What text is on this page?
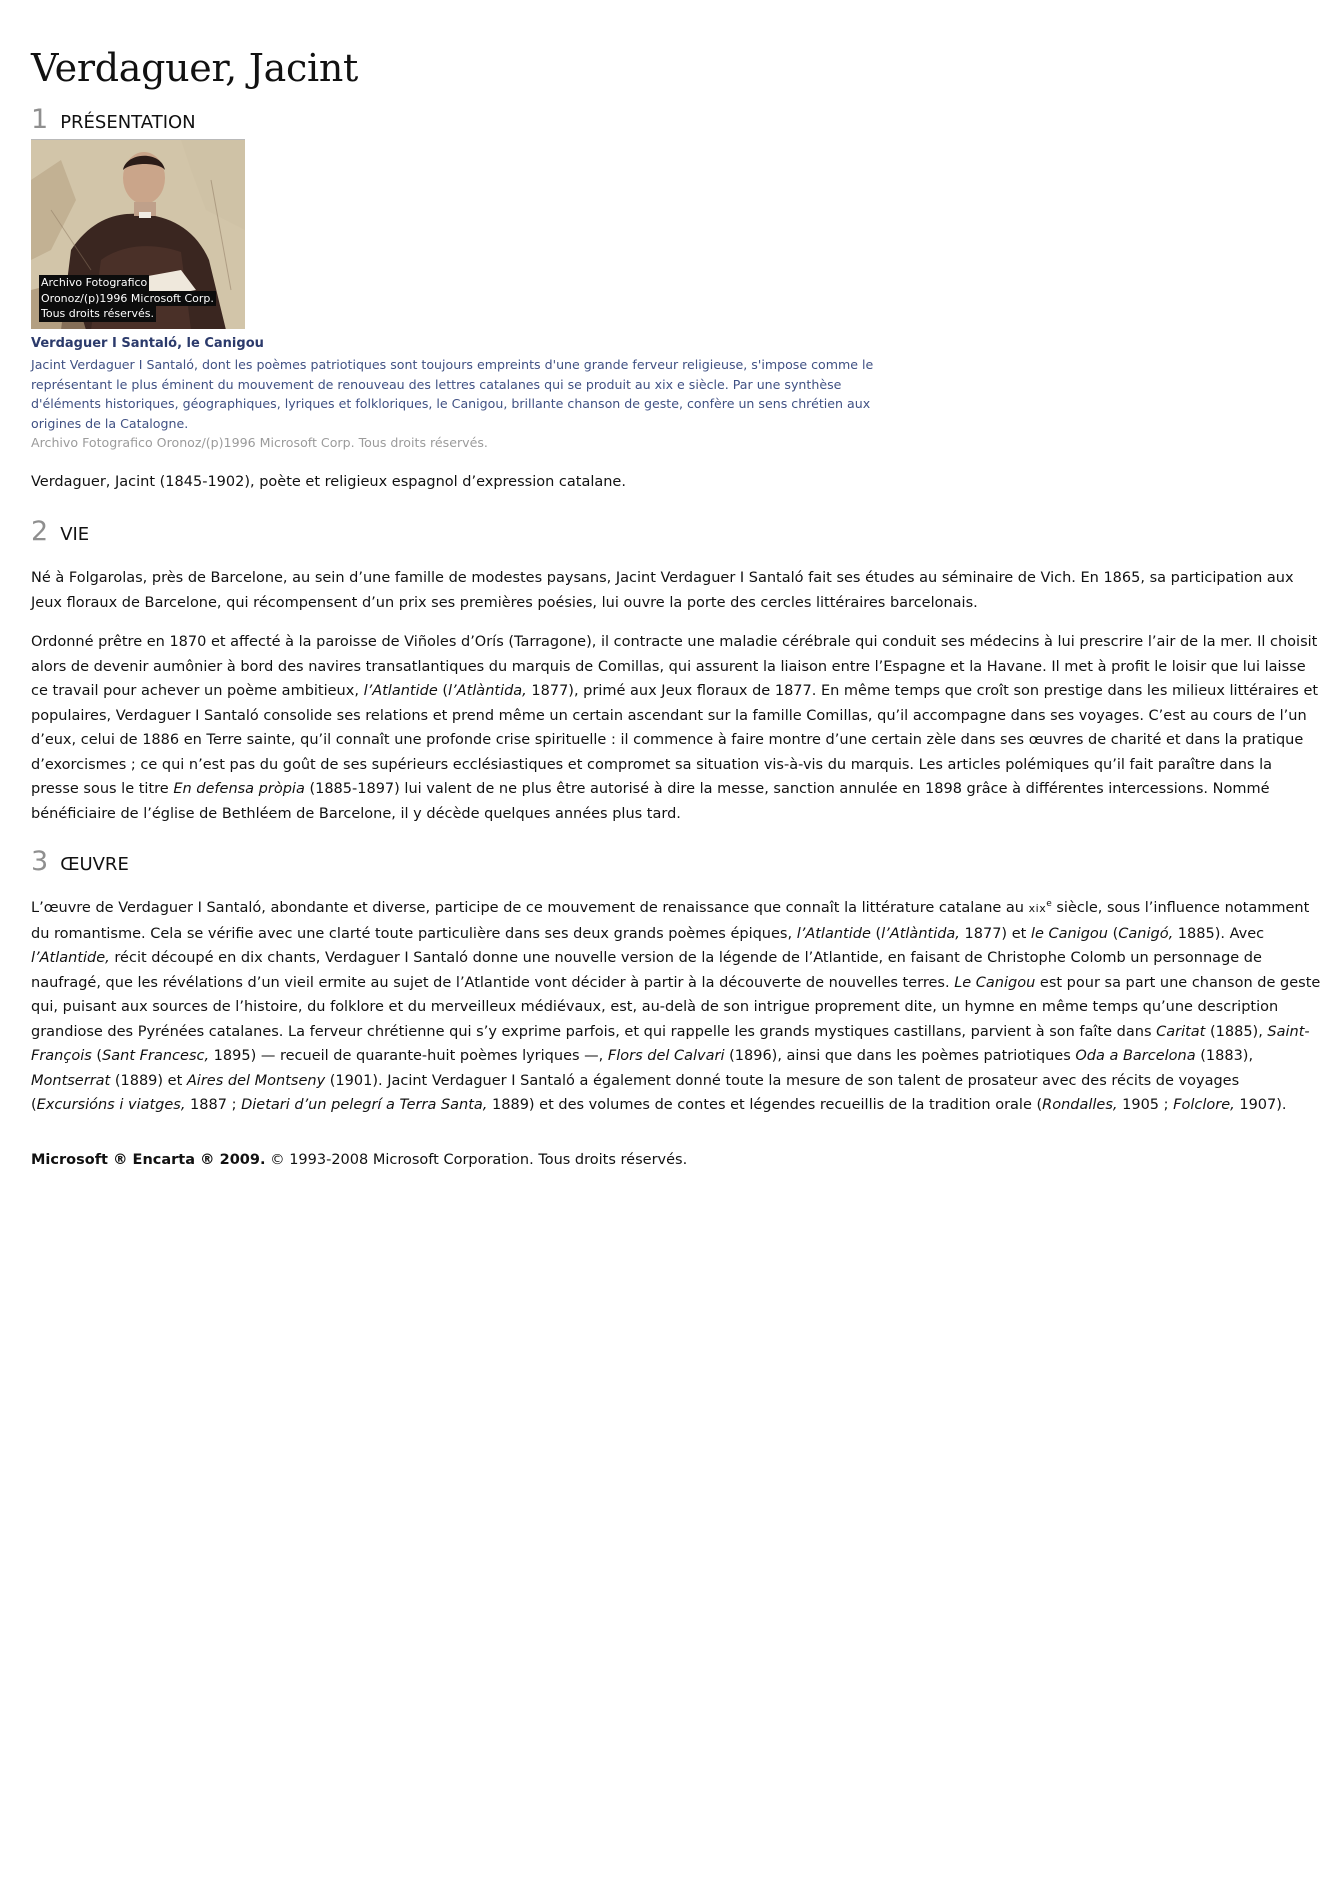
Verdaguer, Jacint
1 PRÉSENTATION
Archivo Fotografico
Oronoz/(p)1996 Microsoft Corp.
Tous droits réservés.

Verdaguer I Santaló, le Canigou

Jacint Verdaguer I Santaló, dont les poèmes patriotiques sont toujours empreints d'une grande ferveur religieuse, s'impose comme le représentant le plus éminent du mouvement de renouveau des lettres catalanes qui se produit au xix e siècle. Par une synthèse d'éléments historiques, géographiques, lyriques et folkloriques, le Canigou, brillante chanson de geste, confère un sens chrétien aux origines de la Catalogne.

Archivo Fotografico Oronoz/(p)1996 Microsoft Corp. Tous droits réservés.

Verdaguer, Jacint (1845-1902), poète et religieux espagnol d’expression catalane.

2 VIE

Né à Folgarolas, près de Barcelone, au sein d’une famille de modestes paysans, Jacint Verdaguer I Santaló fait ses études au séminaire de Vich. En 1865, sa participation aux Jeux floraux de Barcelone, qui récompensent d’un prix ses premières poésies, lui ouvre la porte des cercles littéraires barcelonais.

Ordonné prêtre en 1870 et affecté à la paroisse de Viñoles d’Orís (Tarragone), il contracte une maladie cérébrale qui conduit ses médecins à lui prescrire l’air de la mer. Il choisit alors de devenir aumônier à bord des navires transatlantiques du marquis de Comillas, qui assurent la liaison entre l’Espagne et la Havane. Il met à profit le loisir que lui laisse ce travail pour achever un poème ambitieux, l’Atlantide (l’Atlàntida, 1877), primé aux Jeux floraux de 1877. En même temps que croît son prestige dans les milieux littéraires et populaires, Verdaguer I Santaló consolide ses relations et prend même un certain ascendant sur la famille Comillas, qu’il accompagne dans ses voyages. C’est au cours de l’un d’eux, celui de 1886 en Terre sainte, qu’il connaît une profonde crise spirituelle : il commence à faire montre d’une certain zèle dans ses œuvres de charité et dans la pratique d’exorcismes ; ce qui n’est pas du goût de ses supérieurs ecclésiastiques et compromet sa situation vis-à-vis du marquis. Les articles polémiques qu’il fait paraître dans la presse sous le titre En defensa pròpia (1885-1897) lui valent de ne plus être autorisé à dire la messe, sanction annulée en 1898 grâce à différentes intercessions. Nommé bénéficiaire de l’église de Bethléem de Barcelone, il y décède quelques années plus tard.

3 ŒUVRE

L’œuvre de Verdaguer I Santaló, abondante et diverse, participe de ce mouvement de renaissance que connaît la littérature catalane au xix$^e$ siècle, sous l’influence notamment du romantisme. Cela se vérifie avec une clarté toute particulière dans ses deux grands poèmes épiques, l’Atlantide (l’Atlàntida, 1877) et le Canigou (Canigó, 1885). Avec l’Atlantide, récit découpé en dix chants, Verdaguer I Santaló donne une nouvelle version de la légende de l’Atlantide, en faisant de Christophe Colomb un personnage de naufragé, que les révélations d’un vieil ermite au sujet de l’Atlantide vont décider à partir à la découverte de nouvelles terres. Le Canigou est pour sa part une chanson de geste qui, puisant aux sources de l’histoire, du folklore et du merveilleux médiévaux, est, au-delà de son intrigue proprement dite, un hymne en même temps qu’une description grandiose des Pyrénées catalanes. La ferveur chrétienne qui s’y exprime parfois, et qui rappelle les grands mystiques castillans, parvient à son faîte dans Caritat (1885), Saint-François (Sant Francesc, 1895) — recueil de quarante-huit poèmes lyriques —, Flors del Calvari (1896), ainsi que dans les poèmes patriotiques Oda a Barcelona (1883), Montserrat (1889) et Aires del Montseny (1901). Jacint Verdaguer I Santaló a également donné toute la mesure de son talent de prosateur avec des récits de voyages (Excursións i viatges, 1887 ; Dietari d’un pelegrí a Terra Santa, 1889) et des volumes de contes et légendes recueillis de la tradition orale (Rondalles, 1905 ; Folclore, 1907).

Microsoft ® Encarta ® 2009. © 1993-2008 Microsoft Corporation. Tous droits réservés.
